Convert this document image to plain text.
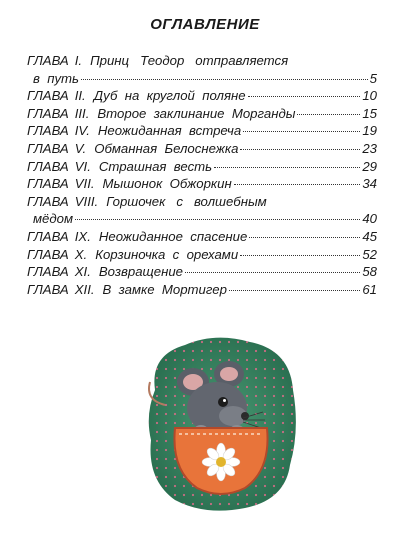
ОГЛАВЛЕНИЕ
ГЛАВА I. Принц   Теодор   отправляется
в  путь	5
ГЛАВА II. Дуб  на  круглой  поляне	10
ГЛАВА III. Второе  заклинание  Морганды	15
ГЛАВА IV. Неожиданная  встреча	19
ГЛАВА V. Обманная  Белоснежка	23
ГЛАВА VI. Страшная  весть	29
ГЛАВА VII. Мышонок  Обжоркин	34
ГЛАВА VIII. Горшочек   с   волшебным
мёдом	40
ГЛАВА IX. Неожиданное  спасение	45
ГЛАВА X. Корзиночка  с  орехами	52
ГЛАВА XI. Возвращение	58
ГЛАВА XII. В  замке  Мортигер	61
